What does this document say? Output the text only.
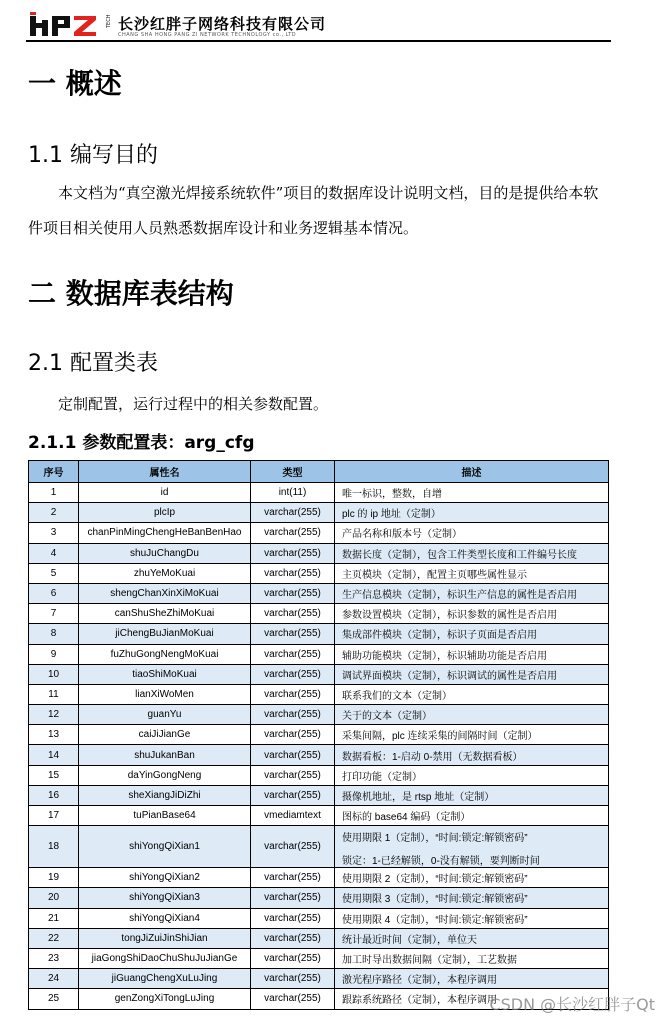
TECH 长沙红胖子网络科技有限公司
CHANG SHA HONG PANG ZI NETWORK TECHNOLOGY co., LTD
一 概述
1.1 编写目的
本文档为“真空激光焊接系统软件”项目的数据库设计说明文档，目的是提供给本软件项目相关使用人员熟悉数据库设计和业务逻辑基本情况。
二 数据库表结构
2.1 配置类表
定制配置，运行过程中的相关参数配置。
2.1.1 参数配置表：arg_cfg
序号	属性名	类型	描述
1	id	int(11)	唯一标识，整数，自增

2	plcIp	varchar(255)	plc 的 ip 地址（定制）

3	chanPinMingChengHeBanBenHao	varchar(255)	产品名称和版本号（定制）

4	shuJuChangDu	varchar(255)	数据长度（定制），包含工件类型长度和工件编号长度

5	zhuYeMoKuai	varchar(255)	主页模块（定制），配置主页哪些属性显示

6	shengChanXinXiMoKuai	varchar(255)	生产信息模块（定制），标识生产信息的属性是否启用

7	canShuSheZhiMoKuai	varchar(255)	参数设置模块（定制），标识参数的属性是否启用

8	jiChengBuJianMoKuai	varchar(255)	集成部件模块（定制），标识子页面是否启用

9	fuZhuGongNengMoKuai	varchar(255)	辅助功能模块（定制），标识辅助功能是否启用

10	tiaoShiMoKuai	varchar(255)	调试界面模块（定制），标识调试的属性是否启用

11	lianXiWoMen	varchar(255)	联系我们的文本（定制）

12	guanYu	varchar(255)	关于的文本（定制）

13	caiJiJianGe	varchar(255)	采集间隔，plc 连续采集的间隔时间（定制）

14	shuJukanBan	varchar(255)	数据看板：1-启动 0-禁用（无数据看板）

15	daYinGongNeng	varchar(255)	打印功能（定制）

16	sheXiangJiDiZhi	varchar(255)	摄像机地址，是 rtsp 地址（定制）

17	tuPianBase64	vmediamtext	图标的 base64 编码（定制）

18	shiYongQiXian1	varchar(255)	使用期限 1（定制），“时间:锁定:解锁密码”
锁定：1-已经解锁，0-没有解锁，要判断时间

19	shiYongQiXian2	varchar(255)	使用期限 2（定制），“时间:锁定:解锁密码”

20	shiYongQiXian3	varchar(255)	使用期限 3（定制），“时间:锁定:解锁密码”

21	shiYongQiXian4	varchar(255)	使用期限 4（定制），“时间:锁定:解锁密码”

22	tongJiZuiJinShiJian	varchar(255)	统计最近时间（定制），单位天

23	jiaGongShiDaoChuShuJuJianGe	varchar(255)	加工时导出数据间隔（定制），工艺数据

24	jiGuangChengXuLuJing	varchar(255)	激光程序路径（定制），本程序调用

25	genZongXiTongLuJing	varchar(255)	跟踪系统路径（定制），本程序调用
CSDN @长沙红胖子Qt
